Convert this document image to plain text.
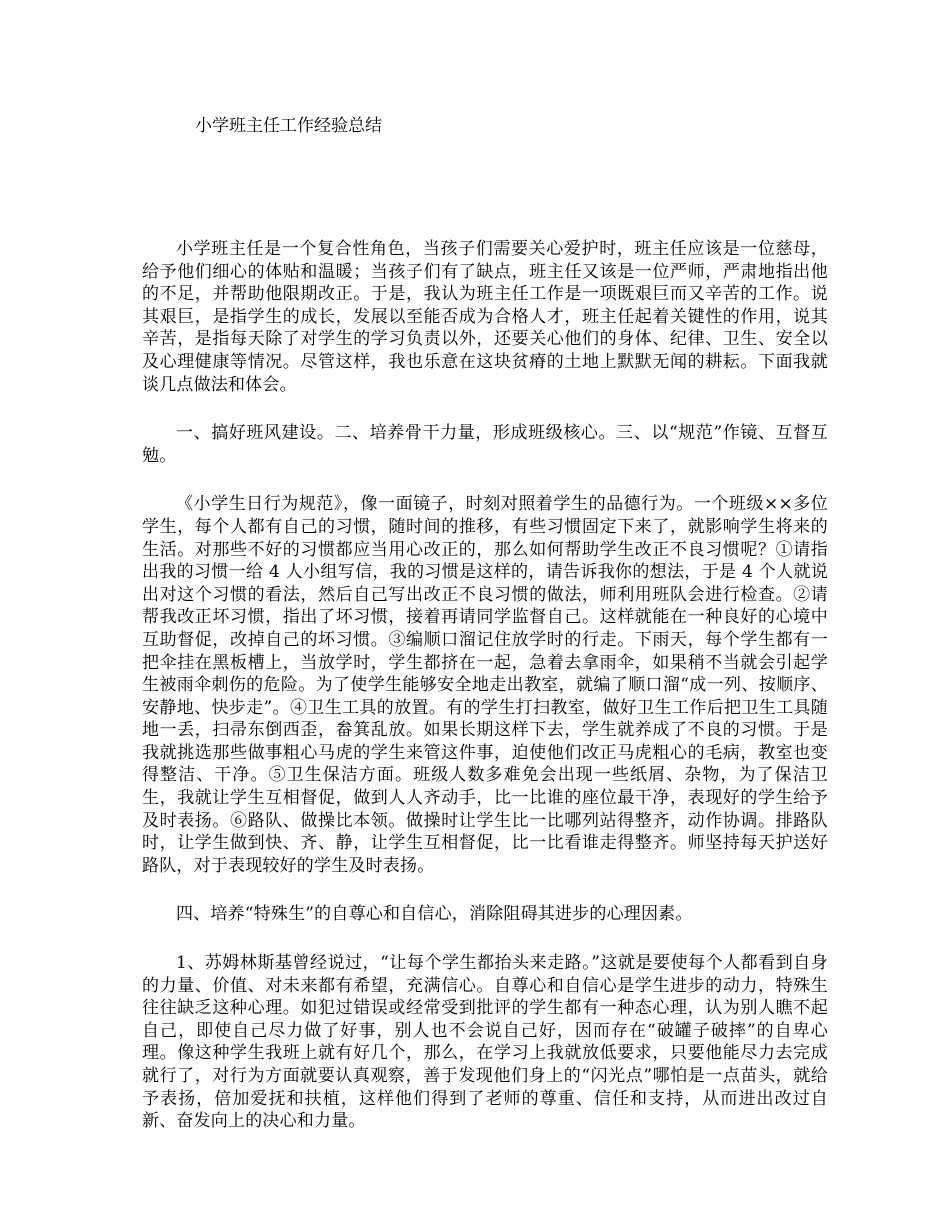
小学班主任工作经验总结

小学班主任是一个复合性角色，当孩子们需要关心爱护时，班主任应该是一位慈母，给予他们细心的体贴和温暖；当孩子们有了缺点，班主任又该是一位严师，严肃地指出他的不足，并帮助他限期改正。于是，我认为班主任工作是一项既艰巨而又辛苦的工作。说其艰巨，是指学生的成长，发展以至能否成为合格人才，班主任起着关键性的作用，说其辛苦，是指每天除了对学生的学习负责以外，还要关心他们的身体、纪律、卫生、安全以及心理健康等情况。尽管这样，我也乐意在这块贫瘠的土地上默默无闻的耕耘。下面我就谈几点做法和体会。

一、搞好班风建设。二、培养骨干力量，形成班级核心。三、以“规范”作镜、互督互勉。

《小学生日行为规范》，像一面镜子，时刻对照着学生的品德行为。一个班级××多位学生，每个人都有自己的习惯，随时间的推移，有些习惯固定下来了，就影响学生将来的生活。对那些不好的习惯都应当用心改正的，那么如何帮助学生改正不良习惯呢？①请指出我的习惯一给 4 人小组写信，我的习惯是这样的，请告诉我你的想法，于是 4 个人就说出对这个习惯的看法，然后自己写出改正不良习惯的做法，师利用班队会进行检查。②请帮我改正坏习惯，指出了坏习惯，接着再请同学监督自己。这样就能在一种良好的心境中互助督促，改掉自己的坏习惯。③编顺口溜记住放学时的行走。下雨天，每个学生都有一把伞挂在黑板槽上，当放学时，学生都挤在一起，急着去拿雨伞，如果稍不当就会引起学生被雨伞刺伤的危险。为了使学生能够安全地走出教室，就编了顺口溜“成一列、按顺序、安静地、快步走”。④卫生工具的放置。有的学生打扫教室，做好卫生工作后把卫生工具随地一丢，扫帚东倒西歪，畚箕乱放。如果长期这样下去，学生就养成了不良的习惯。于是我就挑选那些做事粗心马虎的学生来管这件事，迫使他们改正马虎粗心的毛病，教室也变得整洁、干净。⑤卫生保洁方面。班级人数多难免会出现一些纸屑、杂物，为了保洁卫生，我就让学生互相督促，做到人人齐动手，比一比谁的座位最干净，表现好的学生给予及时表扬。⑥路队、做操比本领。做操时让学生比一比哪列站得整齐，动作协调。排路队时，让学生做到快、齐、静，让学生互相督促，比一比看谁走得整齐。师坚持每天护送好路队，对于表现较好的学生及时表扬。

四、培养“特殊生”的自尊心和自信心，消除阻碍其进步的心理因素。

1、苏姆林斯基曾经说过，“让每个学生都抬头来走路。”这就是要使每个人都看到自身的力量、价值、对未来都有希望，充满信心。自尊心和自信心是学生进步的动力，特殊生往往缺乏这种心理。如犯过错误或经常受到批评的学生都有一种态心理，认为别人瞧不起自己，即使自己尽力做了好事，别人也不会说自己好，因而存在“破罐子破摔”的自卑心理。像这种学生我班上就有好几个，那么，在学习上我就放低要求，只要他能尽力去完成就行了，对行为方面就要认真观察，善于发现他们身上的“闪光点”哪怕是一点苗头，就给予表扬，倍加爱抚和扶植，这样他们得到了老师的尊重、信任和支持，从而进出改过自新、奋发向上的决心和力量。
